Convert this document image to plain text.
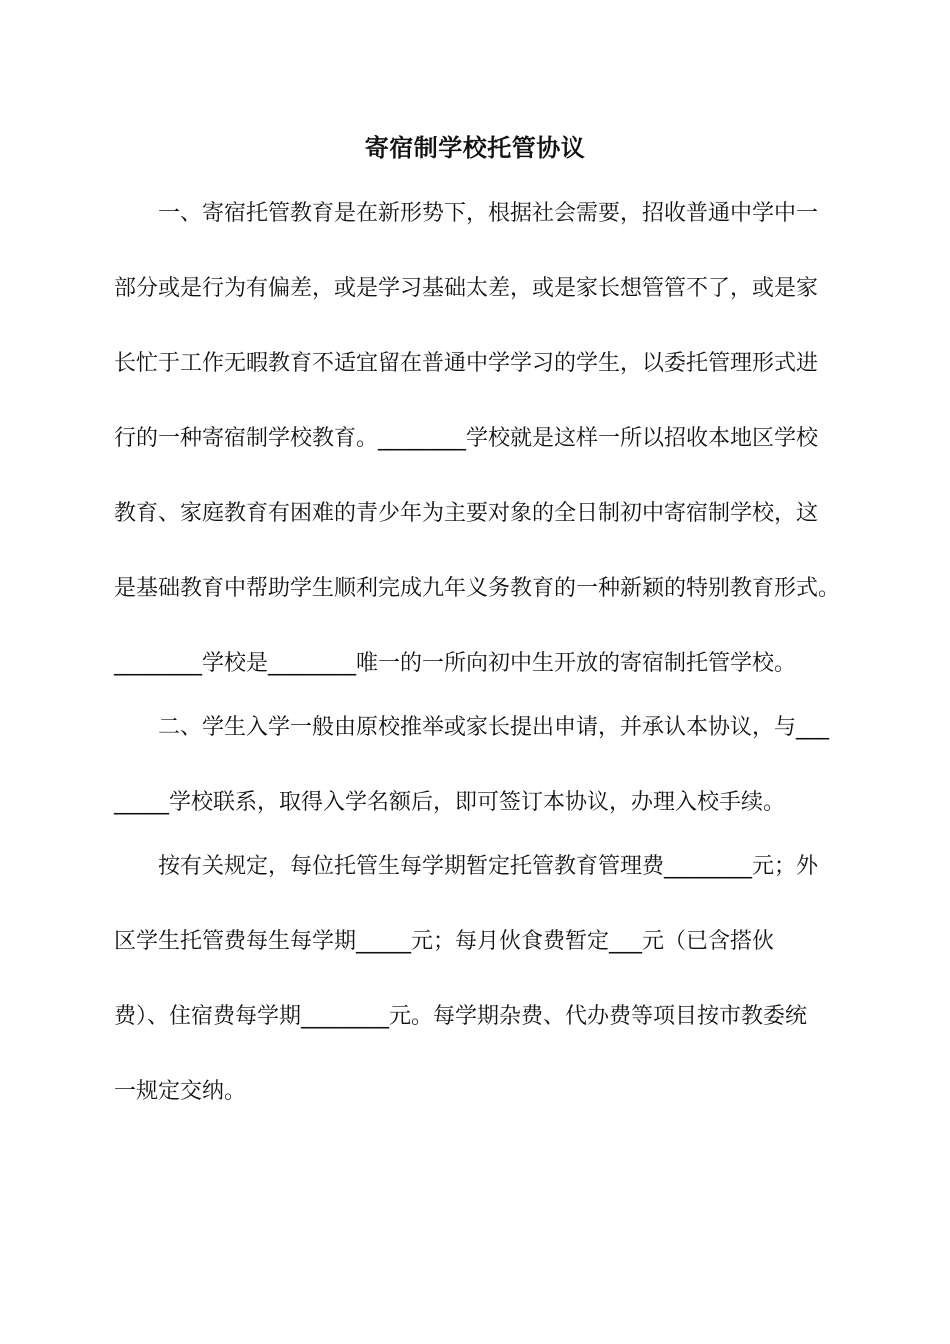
寄宿制学校托管协议
一、寄宿托管教育是在新形势下，根据社会需要，招收普通中学中一
部分或是行为有偏差，或是学习基础太差，或是家长想管管不了，或是家
长忙于工作无暇教育不适宜留在普通中学学习的学生，以委托管理形式进
行的一种寄宿制学校教育。________学校就是这样一所以招收本地区学校
教育、家庭教育有困难的青少年为主要对象的全日制初中寄宿制学校，这
是基础教育中帮助学生顺利完成九年义务教育的一种新颖的特别教育形式。
________学校是________唯一的一所向初中生开放的寄宿制托管学校。
二、学生入学一般由原校推举或家长提出申请，并承认本协议，与___
_____学校联系，取得入学名额后，即可签订本协议，办理入校手续。
按有关规定，每位托管生每学期暂定托管教育管理费________元；外
区学生托管费每生每学期_____元；每月伙食费暂定___元（已含搭伙
费）、住宿费每学期________元。每学期杂费、代办费等项目按市教委统
一规定交纳。
